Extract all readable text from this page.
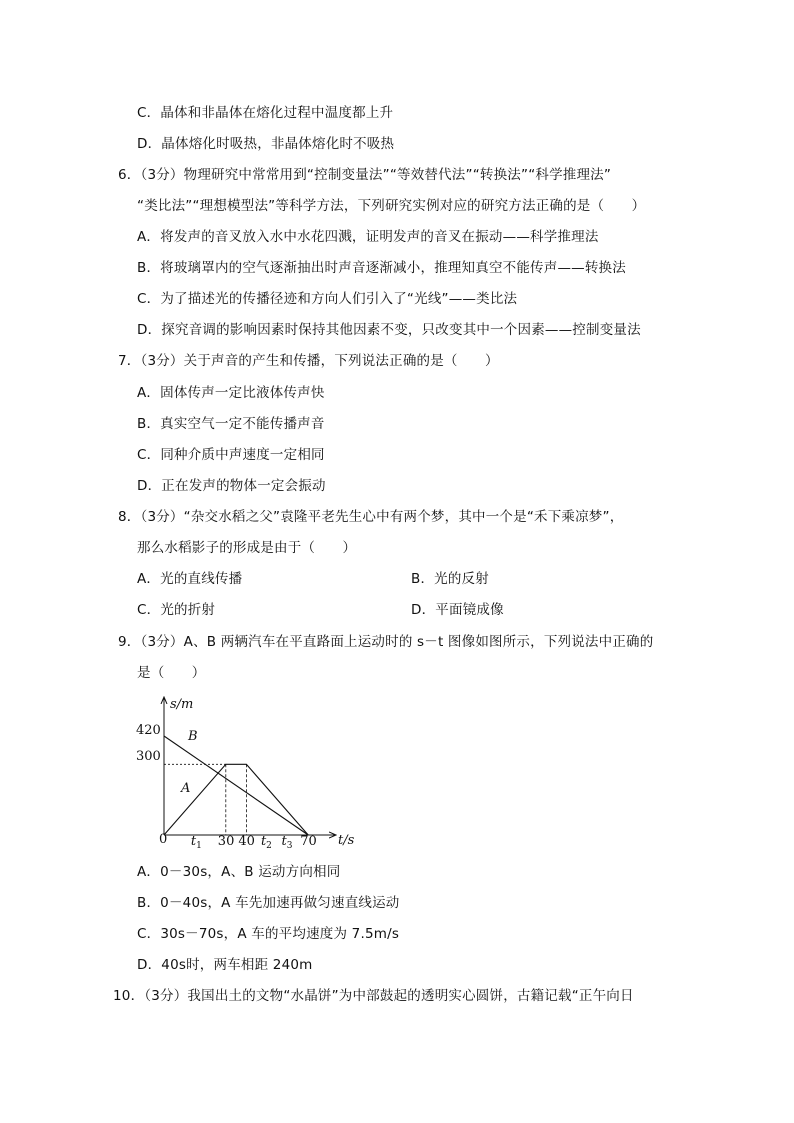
C．晶体和非晶体在熔化过程中温度都上升
D．晶体熔化时吸热，非晶体熔化时不吸热
6．（3分）物理研究中常常用到“控制变量法”“等效替代法”“转换法”“科学推理法”
“类比法”“理想模型法”等科学方法，下列研究实例对应的研究方法正确的是（　　）
A．将发声的音叉放入水中水花四溅，证明发声的音叉在振动——科学推理法
B．将玻璃罩内的空气逐渐抽出时声音逐渐减小，推理知真空不能传声——转换法
C．为了描述光的传播径迹和方向人们引入了“光线”——类比法
D．探究音调的影响因素时保持其他因素不变，只改变其中一个因素——控制变量法
7．（3分）关于声音的产生和传播，下列说法正确的是（　　）
A．固体传声一定比液体传声快
B．真实空气一定不能传播声音
C．同种介质中声速度一定相同
D．正在发声的物体一定会振动
8．（3分）“杂交水稻之父”袁隆平老先生心中有两个梦，其中一个是“禾下乘凉梦”，
那么水稻影子的形成是由于（　　）
A．光的直线传播	B．光的反射
C．光的折射	D．平面镜成像
9．（3分）A、B 两辆汽车在平直路面上运动时的 s－t 图像如图所示，下列说法中正确的
是（　　）
s/m
t/s
420
300
0 $t_1$ 30 40 $t_2$ $t_3$ 70
B
A
A．0－30s，A、B 运动方向相同
B．0－40s，A 车先加速再做匀速直线运动
C．30s－70s，A 车的平均速度为 7.5m/s
D．40s时，两车相距 240m
10．（3分）我国出土的文物“水晶饼”为中部鼓起的透明实心圆饼，古籍记载“正午向日
